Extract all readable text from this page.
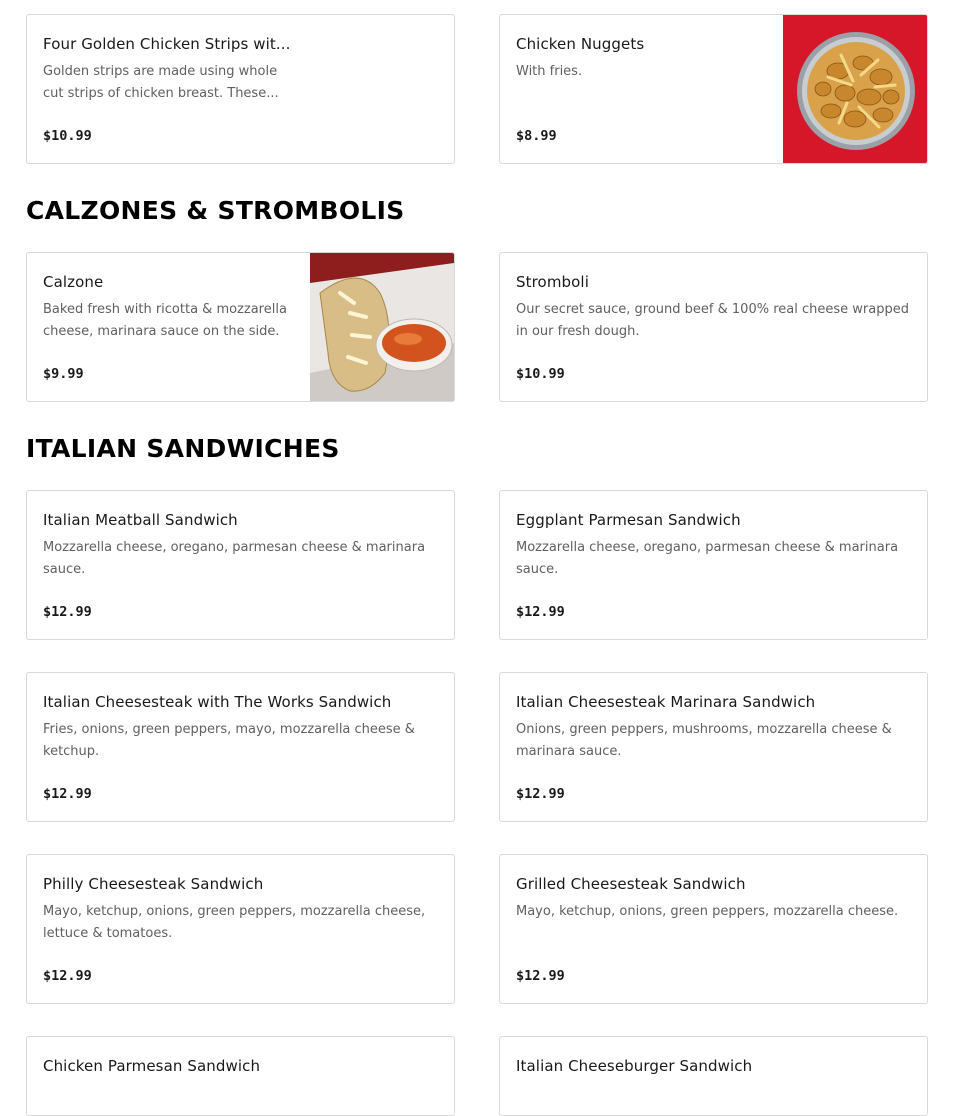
Four Golden Chicken Strips wit...
Golden strips are made using whole cut strips of chicken breast. These...
$10.99
Chicken Nuggets
With fries.
$8.99
CALZONES & STROMBOLIS
Calzone
Baked fresh with ricotta & mozzarella cheese, marinara sauce on the side.
$9.99
Stromboli
Our secret sauce, ground beef & 100% real cheese wrapped in our fresh dough.
$10.99
ITALIAN SANDWICHES
Italian Meatball Sandwich
Mozzarella cheese, oregano, parmesan cheese & marinara sauce.
$12.99
Eggplant Parmesan Sandwich
Mozzarella cheese, oregano, parmesan cheese & marinara sauce.
$12.99
Italian Cheesesteak with The Works Sandwich
Fries, onions, green peppers, mayo, mozzarella cheese & ketchup.
$12.99
Italian Cheesesteak Marinara Sandwich
Onions, green peppers, mushrooms, mozzarella cheese & marinara sauce.
$12.99
Philly Cheesesteak Sandwich
Mayo, ketchup, onions, green peppers, mozzarella cheese, lettuce & tomatoes.
$12.99
Grilled Cheesesteak Sandwich
Mayo, ketchup, onions, green peppers, mozzarella cheese.
$12.99
Chicken Parmesan Sandwich	Italian Cheeseburger Sandwich
